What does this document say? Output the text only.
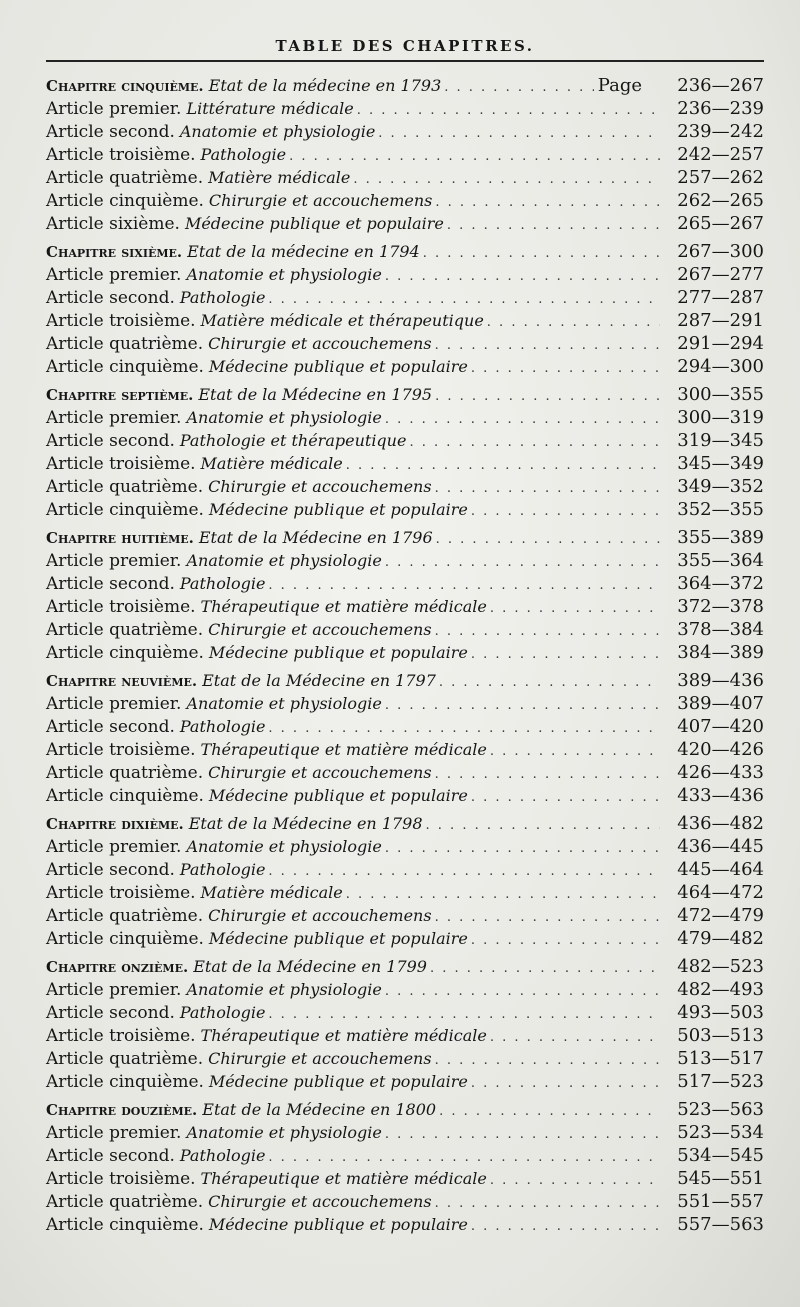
TABLE DES CHAPITRES.
Chapitre cinquième. Etat de la médecine en 1793 . . .	Page	236—267
Article premier. Littérature médicale . . .	236—239
Article second. Anatomie et physiologie . . .	239—242
Article troisième. Pathologie . . .	242—257
Article quatrième. Matière médicale . . .	257—262
Article cinquième. Chirurgie et accouchemens . . .	262—265
Article sixième. Médecine publique et populaire . . .	265—267
Chapitre sixième. Etat de la médecine en 1794 . . .	267—300
Article premier. Anatomie et physiologie . . .	267—277
Article second. Pathologie . . .	277—287
Article troisième. Matière médicale et thérapeutique . . .	287—291
Article quatrième. Chirurgie et accouchemens . . .	291—294
Article cinquième. Médecine publique et populaire . . .	294—300
Chapitre septième. Etat de la Médecine en 1795 . . .	300—355
Article premier. Anatomie et physiologie . . .	300—319
Article second. Pathologie et thérapeutique . . .	319—345
Article troisième. Matière médicale . . .	345—349
Article quatrième. Chirurgie et accouchemens . . .	349—352
Article cinquième. Médecine publique et populaire . . .	352—355
Chapitre huitième. Etat de la Médecine en 1796 . . .	355—389
Article premier. Anatomie et physiologie . . .	355—364
Article second. Pathologie . . .	364—372
Article troisième. Thérapeutique et matière médicale . . .	372—378
Article quatrième. Chirurgie et accouchemens . . .	378—384
Article cinquième. Médecine publique et populaire . . .	384—389
Chapitre neuvième. Etat de la Médecine en 1797 . . .	389—436
Article premier. Anatomie et physiologie . . .	389—407
Article second. Pathologie . . .	407—420
Article troisième. Thérapeutique et matière médicale . . .	420—426
Article quatrième. Chirurgie et accouchemens . . .	426—433
Article cinquième. Médecine publique et populaire . . .	433—436
Chapitre dixième. Etat de la Médecine en 1798 . . .	436—482
Article premier. Anatomie et physiologie . . .	436—445
Article second. Pathologie . . .	445—464
Article troisième. Matière médicale . . .	464—472
Article quatrième. Chirurgie et accouchemens . . .	472—479
Article cinquième. Médecine publique et populaire . . .	479—482
Chapitre onzième. Etat de la Médecine en 1799 . . .	482—523
Article premier. Anatomie et physiologie . . .	482—493
Article second. Pathologie . . .	493—503
Article troisième. Thérapeutique et matière médicale . . .	503—513
Article quatrième. Chirurgie et accouchemens . . .	513—517
Article cinquième. Médecine publique et populaire . . .	517—523
Chapitre douzième. Etat de la Médecine en 1800 . . .	523—563
Article premier. Anatomie et physiologie . . .	523—534
Article second. Pathologie . . .	534—545
Article troisième. Thérapeutique et matière médicale . . .	545—551
Article quatrième. Chirurgie et accouchemens . . .	551—557
Article cinquième. Médecine publique et populaire . . .	557—563
